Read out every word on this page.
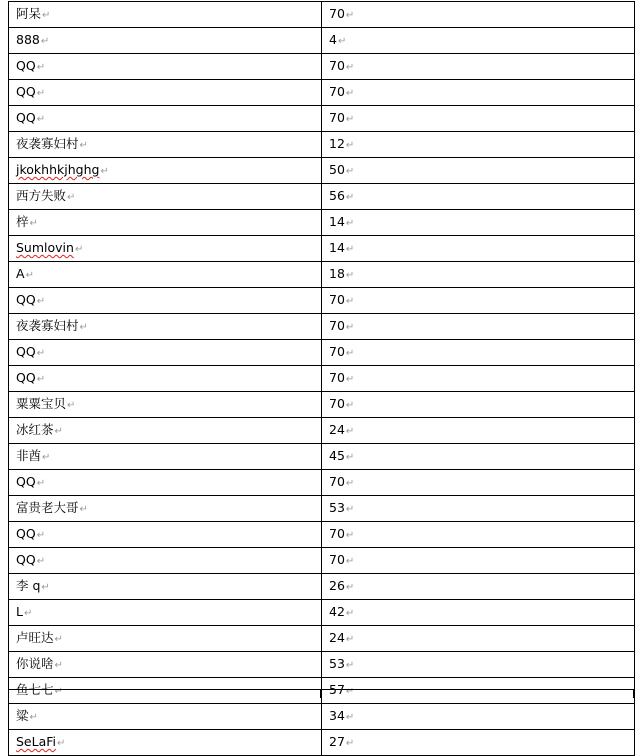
阿呆↵	70↵
888↵	4↵
QQ↵	70↵
QQ↵	70↵
QQ↵	70↵
夜袭寡妇村↵	12↵
jkokhhkjhghg↵	50↵
西方失败↵	56↵
梓↵	14↵
Sumlovin↵	14↵
A↵	18↵
QQ↵	70↵
夜袭寡妇村↵	70↵
QQ↵	70↵
QQ↵	70↵
粟粟宝贝↵	70↵
冰红茶↵	24↵
非酋↵	45↵
QQ↵	70↵
富贵老大哥↵	53↵
QQ↵	70↵
QQ↵	70↵
李 q↵	26↵
L↵	42↵
卢旺达↵	24↵
你说啥↵	53↵
鱼七七↵	57↵
粱↵	34↵
SeLaFi↵	27↵
